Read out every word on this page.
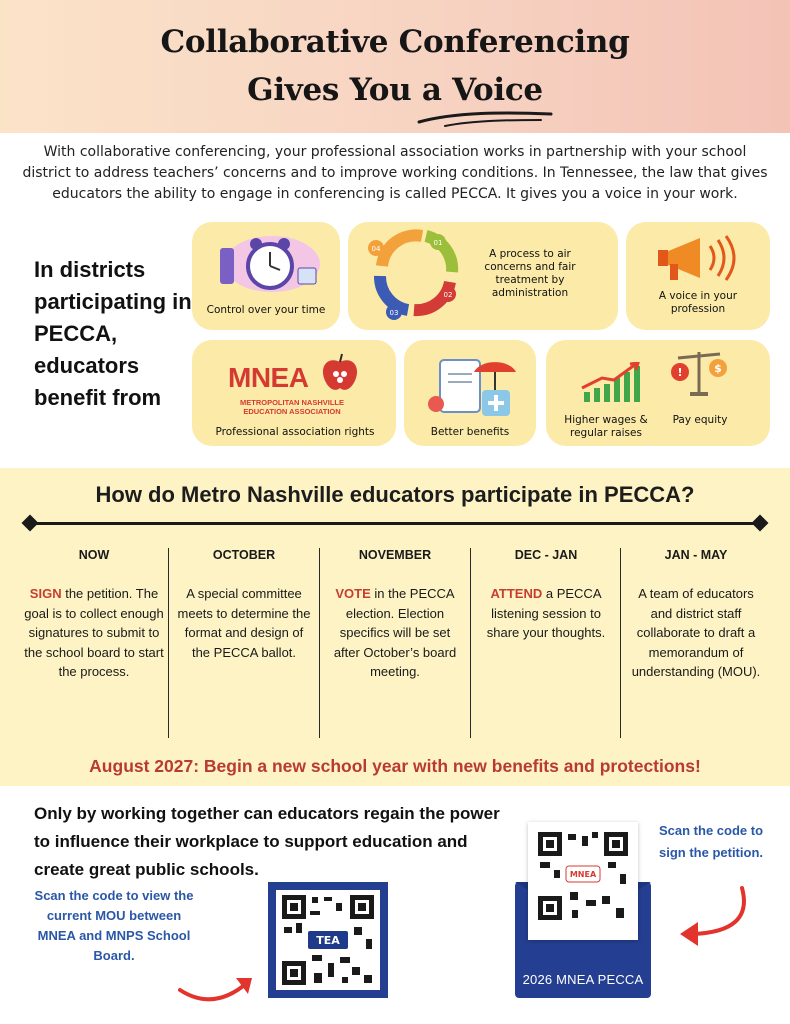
Collaborative Conferencing
Gives You a Voice
With collaborative conferencing, your professional association works in partnership with your school district to address teachers’ concerns and to improve working conditions. In Tennessee, the law that gives educators the ability to engage in conferencing is called PECCA. It gives you a voice in your work.
In districts participating in PECCA, educators benefit from
Control over your time
04
01
02
03
A process to air concerns and fair treatment by administration	A voice in your profession
MNEA
METROPOLITAN NASHVILLE
EDUCATION ASSOCIATION
Professional association rights	Better benefits
!	$
Higher wages & regular raises
Pay equity
How do Metro Nashville educators participate in PECCA?
NOW
SIGN the petition. The goal is to collect enough signatures to submit to the school board to start the process.
OCTOBER
A special committee meets to determine the format and design of the PECCA ballot.
NOVEMBER
VOTE in the PECCA election. Election specifics will be set after October’s board meeting.
DEC - JAN
ATTEND a PECCA listening session to share your thoughts.
JAN - MAY
A team of educators and district staff collaborate to draft a memorandum of understanding (MOU).
August 2027: Begin a new school year with new benefits and protections!
Only by working together can educators regain the power to influence their workplace to support education and create great public schools.
Scan the code to view the current MOU between MNEA and MNPS School Board.
TEA
MNEA
2026 MNEA PECCA
Scan the code to sign the petition.
